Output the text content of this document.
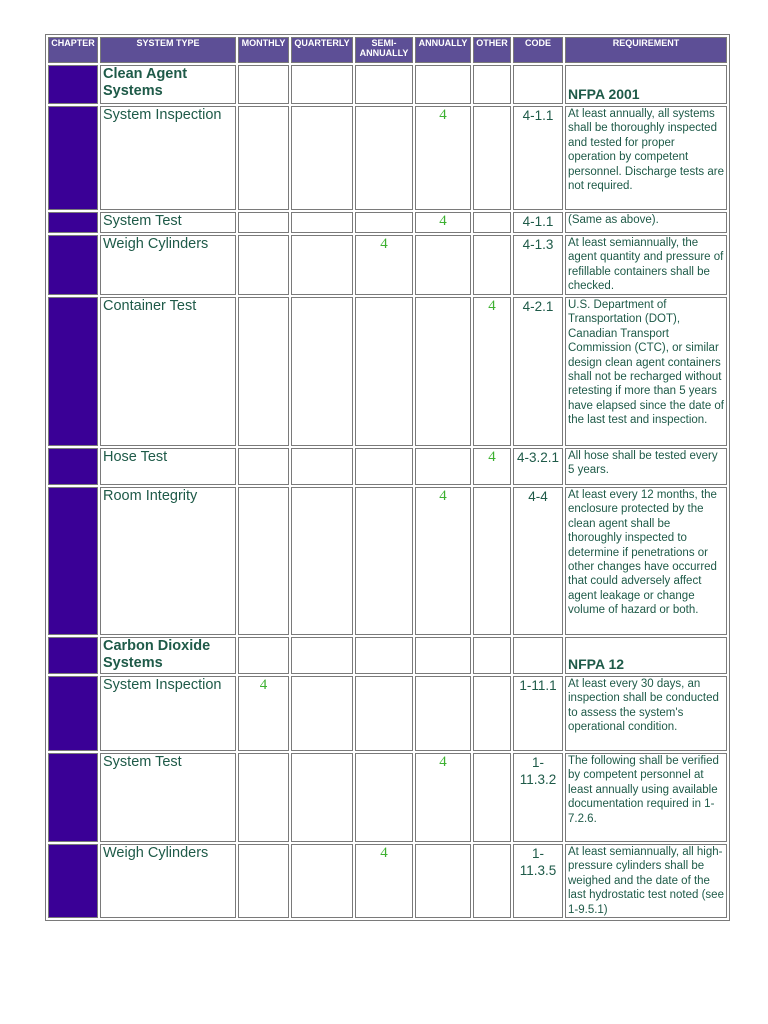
CHAPTER	SYSTEM TYPE	MONTHLY	QUARTERLY	SEMI-ANNUALLY	ANNUALLY	OTHER	CODE	REQUIREMENT
	Clean Agent Systems							NFPA 2001
	System Inspection				4		4-1.1	At least annually, all systems shall be thoroughly inspected and tested for proper operation by competent personnel. Discharge tests are not required.
	System Test				4		4-1.1	(Same as above).
	Weigh Cylinders			4			4-1.3	At least semiannually, the agent quantity and pressure of refillable containers shall be checked.
	Container Test					4	4-2.1	U.S. Department of Transportation (DOT), Canadian Transport Commission (CTC), or similar design clean agent containers shall not be recharged without retesting if more than 5 years have elapsed since the date of the last test and inspection.
	Hose Test					4	4-3.2.1	All hose shall be tested every 5 years.
	Room Integrity				4		4-4	At least every 12 months, the enclosure protected by the clean agent shall be thoroughly inspected to determine if penetrations or other changes have occurred that could adversely affect agent leakage or change volume of hazard or both.
	Carbon Dioxide Systems							NFPA 12
	System Inspection	4					1-11.1	At least every 30 days, an inspection shall be conducted to assess the system's operational condition.
	System Test				4		1-11.3.2	The following shall be verified by competent personnel at least annually using available documentation required in 1-7.2.6.
	Weigh Cylinders			4			1-11.3.5	At least semiannually, all high-pressure cylinders shall be weighed and the date of the last hydrostatic test noted (see 1-9.5.1)
